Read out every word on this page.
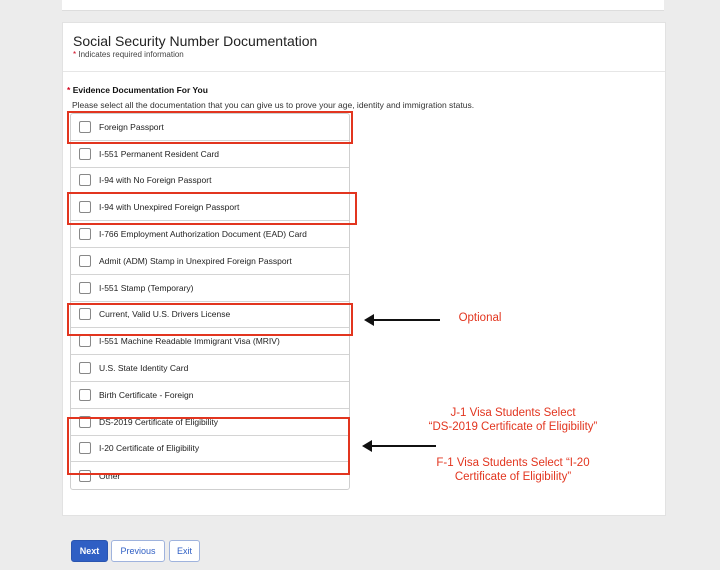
Social Security Number Documentation
* Indicates required information
* Evidence Documentation For You
Please select all the documentation that you can give us to prove your age, identity and immigration status.
Foreign Passport
I-551 Permanent Resident Card
I-94 with No Foreign Passport
I-94 with Unexpired Foreign Passport
I-766 Employment Authorization Document (EAD) Card
Admit (ADM) Stamp in Unexpired Foreign Passport
I-551 Stamp (Temporary)
Current, Valid U.S. Drivers License
I-551 Machine Readable Immigrant Visa (MRIV)
U.S. State Identity Card
Birth Certificate - Foreign
DS-2019 Certificate of Eligibility
I-20 Certificate of Eligibility
Other
Optional
J-1 Visa Students Select
“DS-2019 Certificate of Eligibility”
F-1 Visa Students Select “I-20
Certificate of Eligibility”
Next	Previous	Exit
